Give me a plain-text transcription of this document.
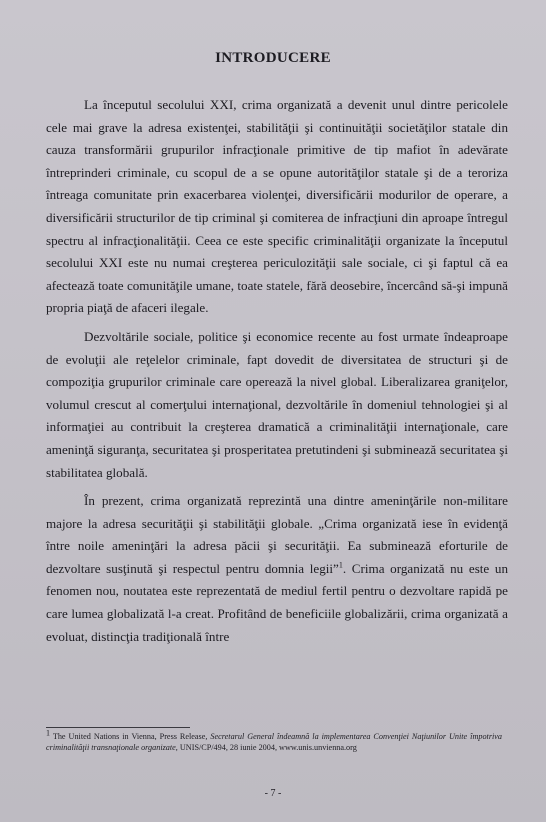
INTRODUCERE

La începutul secolului XXI, crima organizată a devenit unul dintre pericolele cele mai grave la adresa existenţei, stabilităţii şi continuităţii societăţilor statale din cauza transformării grupurilor infracţionale primitive de tip mafiot în adevărate întreprinderi criminale, cu scopul de a se opune autorităţilor statale şi de a teroriza întreaga comunitate prin exacerbarea violenţei, diversificării modurilor de operare, a diversificării structurilor de tip criminal şi comiterea de infracţiuni din aproape întregul spectru al infracţionalităţii. Ceea ce este specific criminalităţii organizate la începutul secolului XXI este nu numai creşterea periculozităţii sale sociale, ci şi faptul că ea afectează toate comunităţile umane, toate statele, fără deosebire, încercând să-şi impună propria piaţă de afaceri ilegale.

Dezvoltările sociale, politice şi economice recente au fost urmate îndeaproape de evoluţii ale reţelelor criminale, fapt dovedit de diversitatea de structuri şi de compoziţia grupurilor criminale care operează la nivel global. Liberalizarea graniţelor, volumul crescut al comerţului internaţional, dezvoltările în domeniul tehnologiei şi al informaţiei au contribuit la creşterea dramatică a criminalităţii internaţionale, care ameninţă siguranţa, securitatea şi prosperitatea pretutindeni şi subminează securitatea şi stabilitatea globală.

În prezent, crima organizată reprezintă una dintre ameninţările non-militare majore la adresa securităţii şi stabilităţii globale. „Crima organizată iese în evidenţă între noile ameninţări la adresa păcii şi securităţii. Ea subminează eforturile de dezvoltare susţinută şi respectul pentru domnia legii”$^1$. Crima organizată nu este un fenomen nou, noutatea este reprezentată de mediul fertil pentru o dezvoltare rapidă pe care lumea globalizată l-a creat. Profitând de beneficiile globalizării, crima organizată a evoluat, distincţia tradiţională între

1 The United Nations in Vienna, Press Release, Secretarul General îndeamnă la implementarea Convenţiei Naţiunilor Unite împotriva criminalităţii transnaţionale organizate, UNIS/CP/494, 28 iunie 2004, www.unis.unvienna.org
- 7 -
